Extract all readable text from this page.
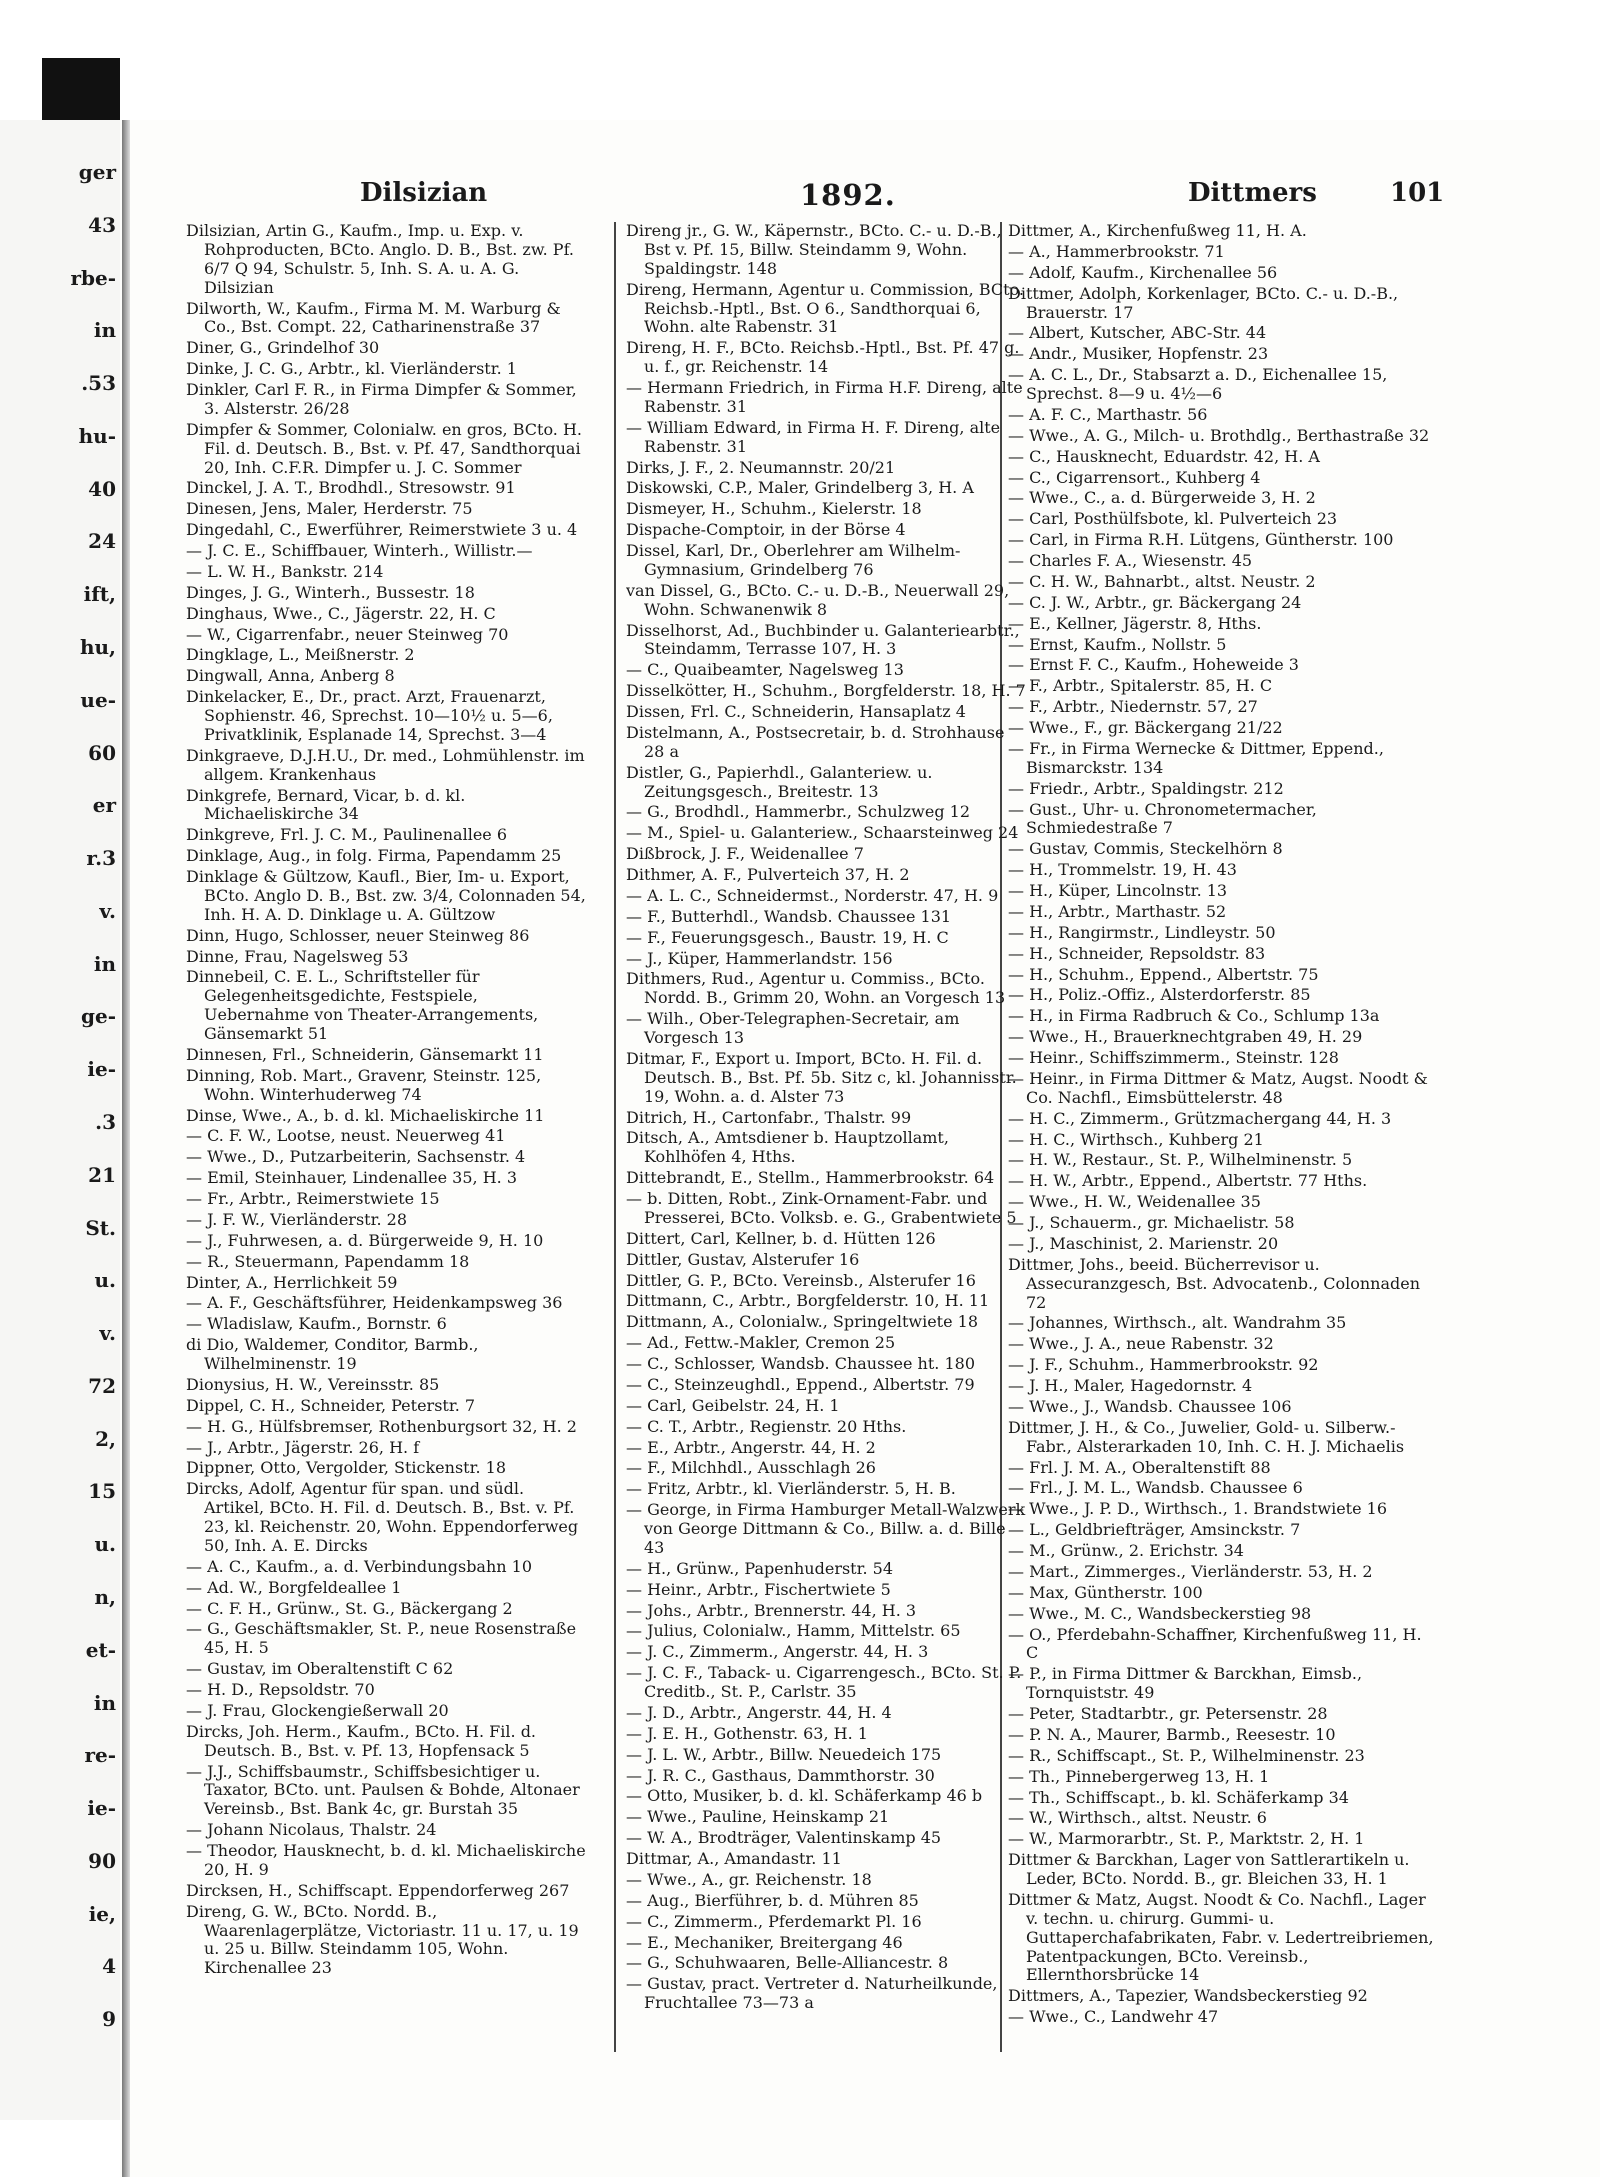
ger
43
rbe-
in
.53
hu-
40
24
ift,
hu,
ue-
60
er
r.3
v.
in
ge-
ie-
.3
21
St.
u.
v.
72
2,
15
u.
n,
et-
in
re-
ie-
90
ie,
4
9
Dilsizian	1892.	Dittmers	101
Dilsizian, Artin G., Kaufm., Imp. u. Exp. v. Rohproducten, BCto. Anglo. D. B., Bst. zw. Pf. 6/7 Q 94, Schulstr. 5, Inh. S. A. u. A. G. Dilsizian
Dilworth, W., Kaufm., Firma M. M. Warburg & Co., Bst. Compt. 22, Catharinenstraße 37
Diner, G., Grindelhof 30
Dinke, J. C. G., Arbtr., kl. Vierländerstr. 1
Dinkler, Carl F. R., in Firma Dimpfer & Sommer, 3. Alsterstr. 26/28
Dimpfer & Sommer, Colonialw. en gros, BCto. H. Fil. d. Deutsch. B., Bst. v. Pf. 47, Sandthorquai 20, Inh. C.F.R. Dimpfer u. J. C. Sommer
Dinckel, J. A. T., Brodhdl., Stresowstr. 91
Dinesen, Jens, Maler, Herderstr. 75
Dingedahl, C., Ewerführer, Reimerstwiete 3 u. 4
— J. C. E., Schiffbauer, Winterh., Willistr.—
— L. W. H., Bankstr. 214
Dinges, J. G., Winterh., Bussestr. 18
Dinghaus, Wwe., C., Jägerstr. 22, H. C
— W., Cigarrenfabr., neuer Steinweg 70
Dingklage, L., Meißnerstr. 2
Dingwall, Anna, Anberg 8
Dinkelacker, E., Dr., pract. Arzt, Frauenarzt, Sophienstr. 46, Sprechst. 10—10½ u. 5—6, Privatklinik, Esplanade 14, Sprechst. 3—4
Dinkgraeve, D.J.H.U., Dr. med., Lohmühlenstr. im allgem. Krankenhaus
Dinkgrefe, Bernard, Vicar, b. d. kl. Michaeliskirche 34
Dinkgreve, Frl. J. C. M., Paulinenallee 6
Dinklage, Aug., in folg. Firma, Papendamm 25
Dinklage & Gültzow, Kaufl., Bier, Im- u. Export, BCto. Anglo D. B., Bst. zw. 3/4, Colonnaden 54, Inh. H. A. D. Dinklage u. A. Gültzow
Dinn, Hugo, Schlosser, neuer Steinweg 86
Dinne, Frau, Nagelsweg 53
Dinnebeil, C. E. L., Schriftsteller für Gelegenheitsgedichte, Festspiele, Uebernahme von Theater-Arrangements, Gänsemarkt 51
Dinnesen, Frl., Schneiderin, Gänsemarkt 11
Dinning, Rob. Mart., Gravenr, Steinstr. 125, Wohn. Winterhuderweg 74
Dinse, Wwe., A., b. d. kl. Michaeliskirche 11
— C. F. W., Lootse, neust. Neuerweg 41
— Wwe., D., Putzarbeiterin, Sachsenstr. 4
— Emil, Steinhauer, Lindenallee 35, H. 3
— Fr., Arbtr., Reimerstwiete 15
— J. F. W., Vierländerstr. 28
— J., Fuhrwesen, a. d. Bürgerweide 9, H. 10
— R., Steuermann, Papendamm 18
Dinter, A., Herrlichkeit 59
— A. F., Geschäftsführer, Heidenkampsweg 36
— Wladislaw, Kaufm., Bornstr. 6
di Dio, Waldemer, Conditor, Barmb., Wilhelminenstr. 19
Dionysius, H. W., Vereinsstr. 85
Dippel, C. H., Schneider, Peterstr. 7
— H. G., Hülfsbremser, Rothenburgsort 32, H. 2
— J., Arbtr., Jägerstr. 26, H. f
Dippner, Otto, Vergolder, Stickenstr. 18
Dircks, Adolf, Agentur für span. und südl. Artikel, BCto. H. Fil. d. Deutsch. B., Bst. v. Pf. 23, kl. Reichenstr. 20, Wohn. Eppendorferweg 50, Inh. A. E. Dircks
— A. C., Kaufm., a. d. Verbindungsbahn 10
— Ad. W., Borgfeldeallee 1
— C. F. H., Grünw., St. G., Bäckergang 2
— G., Geschäftsmakler, St. P., neue Rosenstraße 45, H. 5
— Gustav, im Oberaltenstift C 62
— H. D., Repsoldstr. 70
— J. Frau, Glockengießerwall 20
Dircks, Joh. Herm., Kaufm., BCto. H. Fil. d. Deutsch. B., Bst. v. Pf. 13, Hopfensack 5
— J.J., Schiffsbaumstr., Schiffsbesichtiger u. Taxator, BCto. unt. Paulsen & Bohde, Altonaer Vereinsb., Bst. Bank 4c, gr. Burstah 35
— Johann Nicolaus, Thalstr. 24
— Theodor, Hausknecht, b. d. kl. Michaeliskirche 20, H. 9
Dircksen, H., Schiffscapt. Eppendorferweg 267
Direng, G. W., BCto. Nordd. B., Waarenlagerplätze, Victoriastr. 11 u. 17, u. 19 u. 25 u. Billw. Steindamm 105, Wohn. Kirchenallee 23
Direng jr., G. W., Käpernstr., BCto. C.- u. D.-B., Bst v. Pf. 15, Billw. Steindamm 9, Wohn. Spaldingstr. 148
Direng, Hermann, Agentur u. Commission, BCto. Reichsb.-Hptl., Bst. O 6., Sandthorquai 6, Wohn. alte Rabenstr. 31
Direng, H. F., BCto. Reichsb.-Hptl., Bst. Pf. 47 g. u. f., gr. Reichenstr. 14
— Hermann Friedrich, in Firma H.F. Direng, alte Rabenstr. 31
— William Edward, in Firma H. F. Direng, alte Rabenstr. 31
Dirks, J. F., 2. Neumannstr. 20/21
Diskowski, C.P., Maler, Grindelberg 3, H. A
Dismeyer, H., Schuhm., Kielerstr. 18
Dispache-Comptoir, in der Börse 4
Dissel, Karl, Dr., Oberlehrer am Wilhelm-Gymnasium, Grindelberg 76
van Dissel, G., BCto. C.- u. D.-B., Neuerwall 29, Wohn. Schwanenwik 8
Disselhorst, Ad., Buchbinder u. Galanteriearbtr., Steindamm, Terrasse 107, H. 3
— C., Quaibeamter, Nagelsweg 13
Disselkötter, H., Schuhm., Borgfelderstr. 18, H. 7
Dissen, Frl. C., Schneiderin, Hansaplatz 4
Distelmann, A., Postsecretair, b. d. Strohhause 28 a
Distler, G., Papierhdl., Galanteriew. u. Zeitungsgesch., Breitestr. 13
— G., Brodhdl., Hammerbr., Schulzweg 12
— M., Spiel- u. Galanteriew., Schaarsteinweg 24
Dißbrock, J. F., Weidenallee 7
Dithmer, A. F., Pulverteich 37, H. 2
— A. L. C., Schneidermst., Norderstr. 47, H. 9
— F., Butterhdl., Wandsb. Chaussee 131
— F., Feuerungsgesch., Baustr. 19, H. C
— J., Küper, Hammerlandstr. 156
Dithmers, Rud., Agentur u. Commiss., BCto. Nordd. B., Grimm 20, Wohn. an Vorgesch 13
— Wilh., Ober-Telegraphen-Secretair, am Vorgesch 13
Ditmar, F., Export u. Import, BCto. H. Fil. d. Deutsch. B., Bst. Pf. 5b. Sitz c, kl. Johannisstr. 19, Wohn. a. d. Alster 73
Ditrich, H., Cartonfabr., Thalstr. 99
Ditsch, A., Amtsdiener b. Hauptzollamt, Kohlhöfen 4, Hths.
Dittebrandt, E., Stellm., Hammerbrookstr. 64
— b. Ditten, Robt., Zink-Ornament-Fabr. und Presserei, BCto. Volksb. e. G., Grabentwiete 5
Dittert, Carl, Kellner, b. d. Hütten 126
Dittler, Gustav, Alsterufer 16
Dittler, G. P., BCto. Vereinsb., Alsterufer 16
Dittmann, C., Arbtr., Borgfelderstr. 10, H. 11
Dittmann, A., Colonialw., Springeltwiete 18
— Ad., Fettw.-Makler, Cremon 25
— C., Schlosser, Wandsb. Chaussee ht. 180
— C., Steinzeughdl., Eppend., Albertstr. 79
— Carl, Geibelstr. 24, H. 1
— C. T., Arbtr., Regienstr. 20 Hths.
— E., Arbtr., Angerstr. 44, H. 2
— F., Milchhdl., Ausschlagh 26
— Fritz, Arbtr., kl. Vierländerstr. 5, H. B.
— George, in Firma Hamburger Metall-Walzwerk von George Dittmann & Co., Billw. a. d. Bille 43
— H., Grünw., Papenhuderstr. 54
— Heinr., Arbtr., Fischertwiete 5
— Johs., Arbtr., Brennerstr. 44, H. 3
— Julius, Colonialw., Hamm, Mittelstr. 65
— J. C., Zimmerm., Angerstr. 44, H. 3
— J. C. F., Taback- u. Cigarrengesch., BCto. St. P. Creditb., St. P., Carlstr. 35
— J. D., Arbtr., Angerstr. 44, H. 4
— J. E. H., Gothenstr. 63, H. 1
— J. L. W., Arbtr., Billw. Neuedeich 175
— J. R. C., Gasthaus, Dammthorstr. 30
— Otto, Musiker, b. d. kl. Schäferkamp 46 b
— Wwe., Pauline, Heinskamp 21
— W. A., Brodträger, Valentinskamp 45
Dittmar, A., Amandastr. 11
— Wwe., A., gr. Reichenstr. 18
— Aug., Bierführer, b. d. Mühren 85
— C., Zimmerm., Pferdemarkt Pl. 16
— E., Mechaniker, Breitergang 46
— G., Schuhwaaren, Belle-Alliancestr. 8
— Gustav, pract. Vertreter d. Naturheilkunde, Fruchtallee 73—73 a
Dittmer, A., Kirchenfußweg 11, H. A.
— A., Hammerbrookstr. 71
— Adolf, Kaufm., Kirchenallee 56
Dittmer, Adolph, Korkenlager, BCto. C.- u. D.-B., Brauerstr. 17
— Albert, Kutscher, ABC-Str. 44
— Andr., Musiker, Hopfenstr. 23
— A. C. L., Dr., Stabsarzt a. D., Eichenallee 15, Sprechst. 8—9 u. 4½—6
— A. F. C., Marthastr. 56
— Wwe., A. G., Milch- u. Brothdlg., Berthastraße 32
— C., Hausknecht, Eduardstr. 42, H. A
— C., Cigarrensort., Kuhberg 4
— Wwe., C., a. d. Bürgerweide 3, H. 2
— Carl, Posthülfsbote, kl. Pulverteich 23
— Carl, in Firma R.H. Lütgens, Güntherstr. 100
— Charles F. A., Wiesenstr. 45
— C. H. W., Bahnarbt., altst. Neustr. 2
— C. J. W., Arbtr., gr. Bäckergang 24
— E., Kellner, Jägerstr. 8, Hths.
— Ernst, Kaufm., Nollstr. 5
— Ernst F. C., Kaufm., Hoheweide 3
— F., Arbtr., Spitalerstr. 85, H. C
— F., Arbtr., Niedernstr. 57, 27
— Wwe., F., gr. Bäckergang 21/22
— Fr., in Firma Wernecke & Dittmer, Eppend., Bismarckstr. 134
— Friedr., Arbtr., Spaldingstr. 212
— Gust., Uhr- u. Chronometermacher, Schmiedestraße 7
— Gustav, Commis, Steckelhörn 8
— H., Trommelstr. 19, H. 43
— H., Küper, Lincolnstr. 13
— H., Arbtr., Marthastr. 52
— H., Rangirmstr., Lindleystr. 50
— H., Schneider, Repsoldstr. 83
— H., Schuhm., Eppend., Albertstr. 75
— H., Poliz.-Offiz., Alsterdorferstr. 85
— H., in Firma Radbruch & Co., Schlump 13a
— Wwe., H., Brauerknechtgraben 49, H. 29
— Heinr., Schiffszimmerm., Steinstr. 128
— Heinr., in Firma Dittmer & Matz, Augst. Noodt & Co. Nachfl., Eimsbüttelerstr. 48
— H. C., Zimmerm., Grützmachergang 44, H. 3
— H. C., Wirthsch., Kuhberg 21
— H. W., Restaur., St. P., Wilhelminenstr. 5
— H. W., Arbtr., Eppend., Albertstr. 77 Hths.
— Wwe., H. W., Weidenallee 35
— J., Schauerm., gr. Michaelistr. 58
— J., Maschinist, 2. Marienstr. 20
Dittmer, Johs., beeid. Bücherrevisor u. Assecuranzgesch, Bst. Advocatenb., Colonnaden 72
— Johannes, Wirthsch., alt. Wandrahm 35
— Wwe., J. A., neue Rabenstr. 32
— J. F., Schuhm., Hammerbrookstr. 92
— J. H., Maler, Hagedornstr. 4
— Wwe., J., Wandsb. Chaussee 106
Dittmer, J. H., & Co., Juwelier, Gold- u. Silberw.-Fabr., Alsterarkaden 10, Inh. C. H. J. Michaelis
— Frl. J. M. A., Oberaltenstift 88
— Frl., J. M. L., Wandsb. Chaussee 6
— Wwe., J. P. D., Wirthsch., 1. Brandstwiete 16
— L., Geldbriefträger, Amsinckstr. 7
— M., Grünw., 2. Erichstr. 34
— Mart., Zimmerges., Vierländerstr. 53, H. 2
— Max, Güntherstr. 100
— Wwe., M. C., Wandsbeckerstieg 98
— O., Pferdebahn-Schaffner, Kirchenfußweg 11, H. C
— P., in Firma Dittmer & Barckhan, Eimsb., Tornquiststr. 49
— Peter, Stadtarbtr., gr. Petersenstr. 28
— P. N. A., Maurer, Barmb., Reesestr. 10
— R., Schiffscapt., St. P., Wilhelminenstr. 23
— Th., Pinnebergerweg 13, H. 1
— Th., Schiffscapt., b. kl. Schäferkamp 34
— W., Wirthsch., altst. Neustr. 6
— W., Marmorarbtr., St. P., Marktstr. 2, H. 1
Dittmer & Barckhan, Lager von Sattlerartikeln u. Leder, BCto. Nordd. B., gr. Bleichen 33, H. 1
Dittmer & Matz, Augst. Noodt & Co. Nachfl., Lager v. techn. u. chirurg. Gummi- u. Guttaperchafabrikaten, Fabr. v. Ledertreibriemen, Patentpackungen, BCto. Vereinsb., Ellernthorsbrücke 14
Dittmers, A., Tapezier, Wandsbeckerstieg 92
— Wwe., C., Landwehr 47
